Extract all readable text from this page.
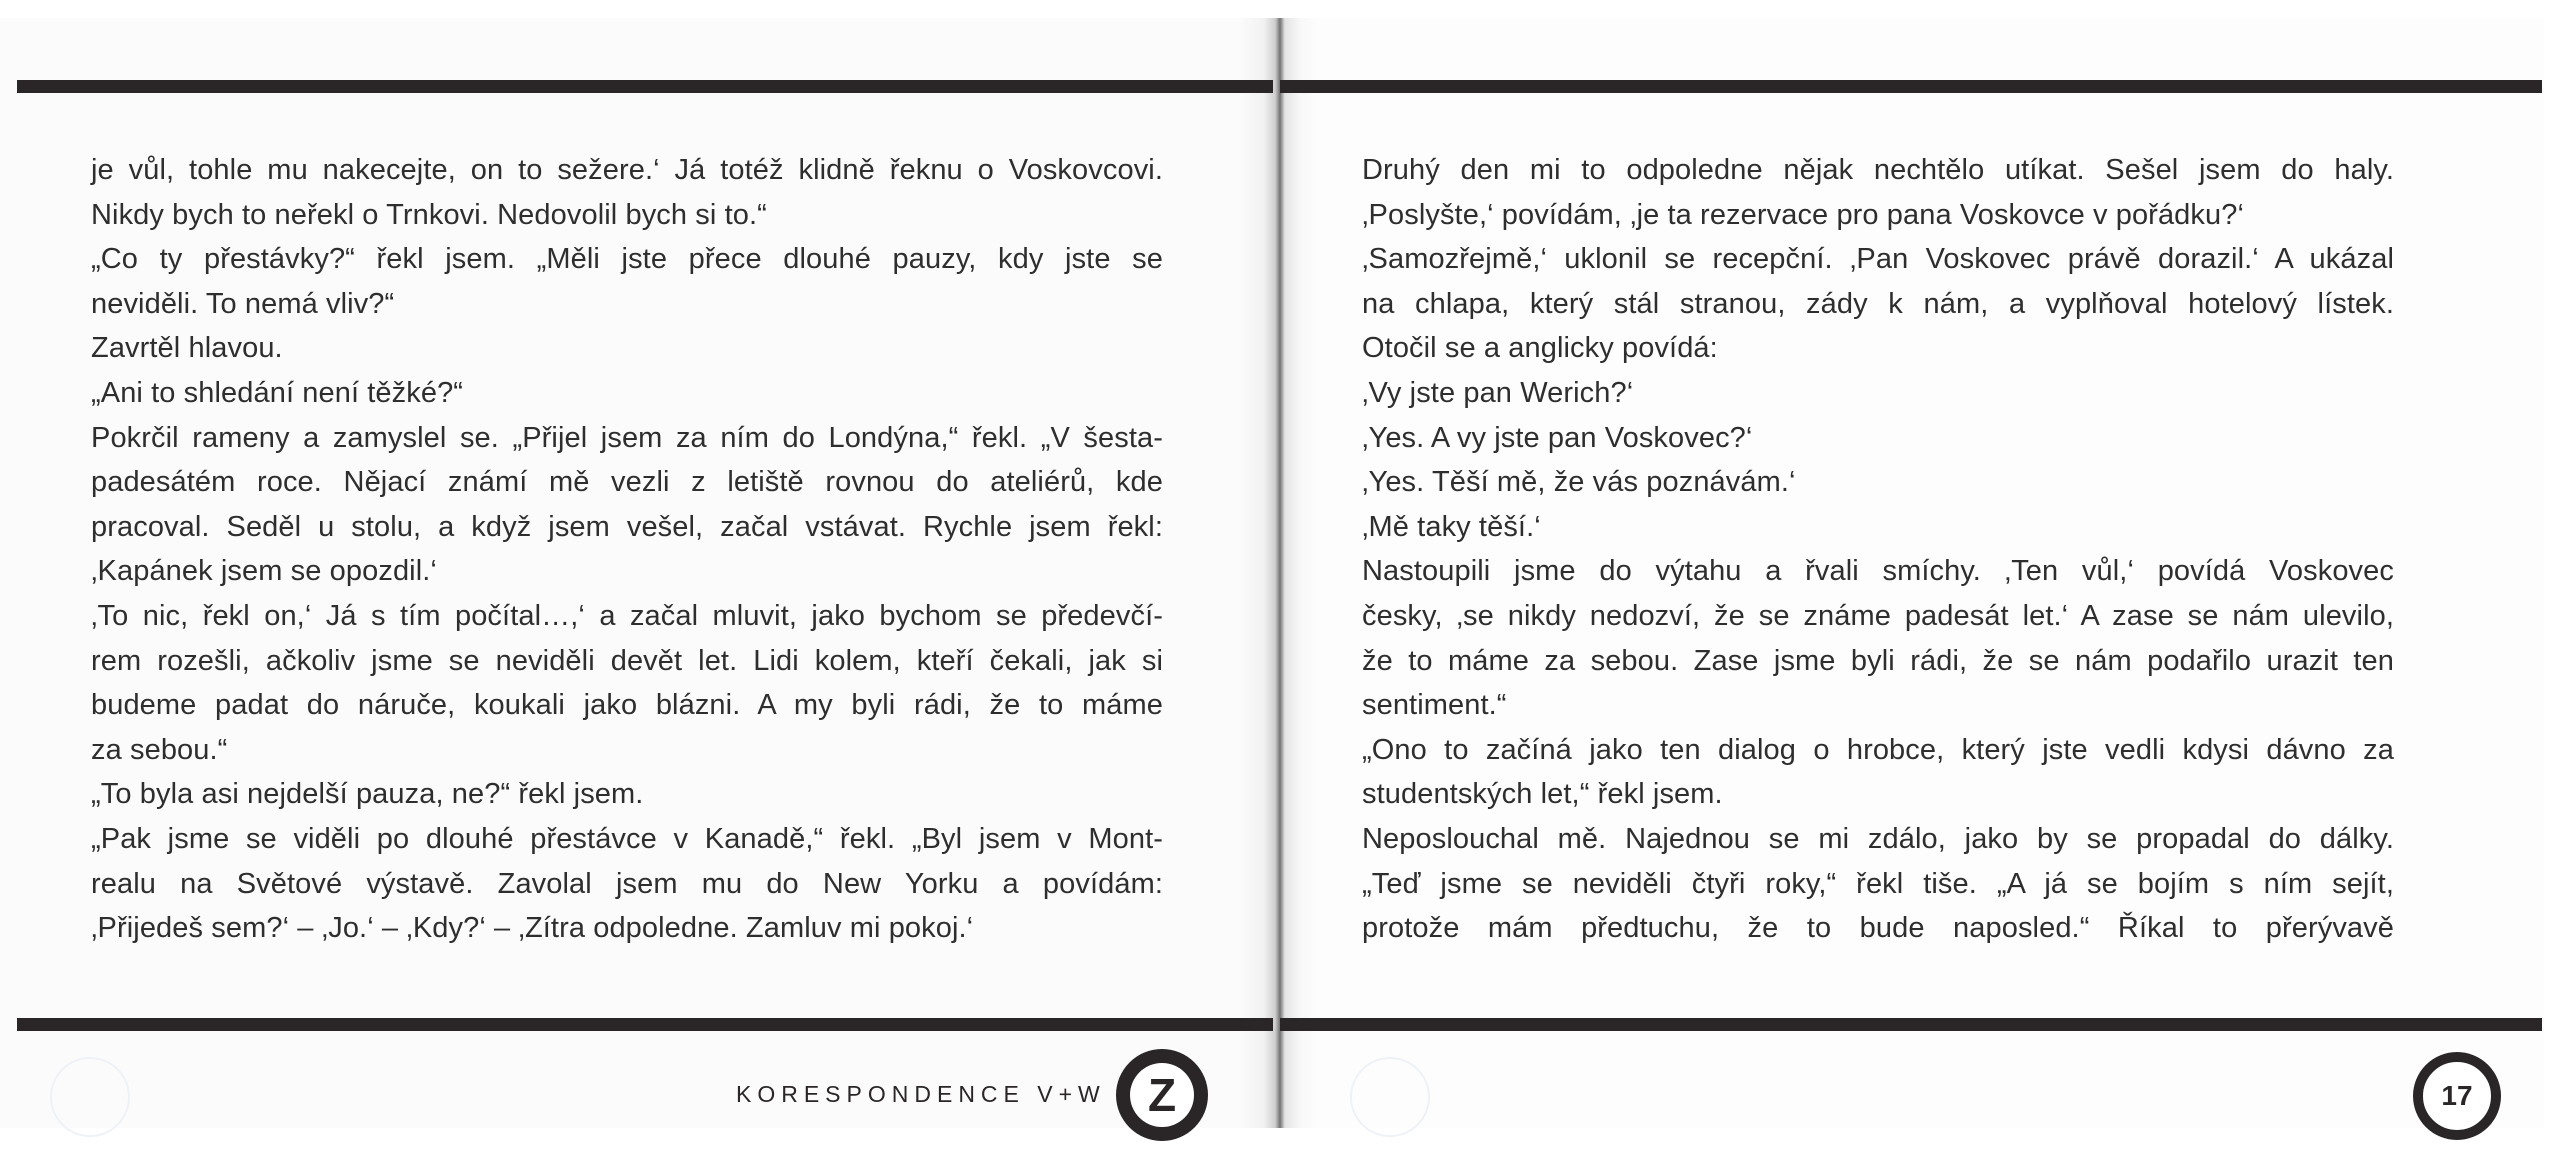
je vůl, tohle mu nakecejte, on to sežere.‘ Já totéž klidně řeknu o Voskovcovi.
Nikdy bych to neřekl o Trnkovi. Nedovolil bych si to.“
„Co ty přestávky?“ řekl jsem. „Měli jste přece dlouhé pauzy, kdy jste se
neviděli. To nemá vliv?“
Zavrtěl hlavou.
„Ani to shledání není těžké?“
Pokrčil rameny a zamyslel se. „Přijel jsem za ním do Londýna,“ řekl. „V šesta-
padesátém roce. Nějací známí mě vezli z letiště rovnou do ateliérů, kde
pracoval. Seděl u stolu, a když jsem vešel, začal vstávat. Rychle jsem řekl:
‚Kapánek jsem se opozdil.‘
‚To nic, řekl on,‘ Já s tím počítal…,‘ a začal mluvit, jako bychom se předevčí-
rem rozešli, ačkoliv jsme se neviděli devět let. Lidi kolem, kteří čekali, jak si
budeme padat do náruče, koukali jako blázni. A my byli rádi, že to máme
za sebou.“
„To byla asi nejdelší pauza, ne?“ řekl jsem.
„Pak jsme se viděli po dlouhé přestávce v Kanadě,“ řekl. „Byl jsem v Mont-
realu na Světové výstavě. Zavolal jsem mu do New Yorku a povídám:
‚Přijedeš sem?‘ – ‚Jo.‘ – ‚Kdy?‘ – ‚Zítra odpoledne. Zamluv mi pokoj.‘
Druhý den mi to odpoledne nějak nechtělo utíkat. Sešel jsem do haly.
‚Poslyšte,‘ povídám, ‚je ta rezervace pro pana Voskovce v pořádku?‘
‚Samozřejmě,‘ uklonil se recepční. ‚Pan Voskovec právě dorazil.‘ A ukázal
na chlapa, který stál stranou, zády k nám, a vyplňoval hotelový lístek.
Otočil se a anglicky povídá:
‚Vy jste pan Werich?‘
‚Yes. A vy jste pan Voskovec?‘
‚Yes. Těší mě, že vás poznávám.‘
‚Mě taky těší.‘
Nastoupili jsme do výtahu a řvali smíchy. ‚Ten vůl,‘ povídá Voskovec
česky, ‚se nikdy nedozví, že se známe padesát let.‘ A zase se nám ulevilo,
že to máme za sebou. Zase jsme byli rádi, že se nám podařilo urazit ten
sentiment.“
„Ono to začíná jako ten dialog o hrobce, který jste vedli kdysi dávno za
studentských let,“ řekl jsem.
Neposlouchal mě. Najednou se mi zdálo, jako by se propadal do dálky.
„Teď jsme se neviděli čtyři roky,“ řekl tiše. „A já se bojím s ním sejít,
protože mám předtuchu, že to bude naposled.“ Říkal to přerývavě
KORESPONDENCE V+W Z	17
